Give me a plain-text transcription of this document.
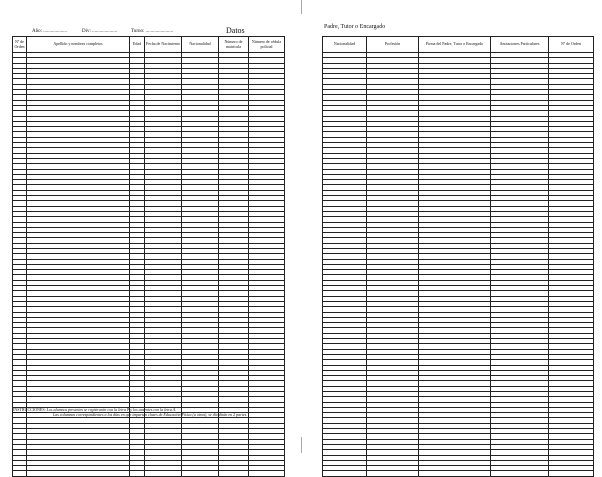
Año: ...................	Div: ....................	Turno: ......................	Datos	Padre, Tutor o Encargado
Nº de Orden	Apellido y nombres completos	Edad	Fecha de Nacimiento	Nacionalidad	Número de matrícula	Número de cédula policial

							Nacionalidad	Profesión	Firma del Padre, Tutor o Encargado	Anotaciones Particulares	Nº de Orden

INSTRUCCIONES: Los alumnos presentes se registrarán con la letra P y los ausentes con la letra A.
Las columnas correspondientes a los días en que imparten clases de Educación Física (a otras), se dividirán en 2 partes.
